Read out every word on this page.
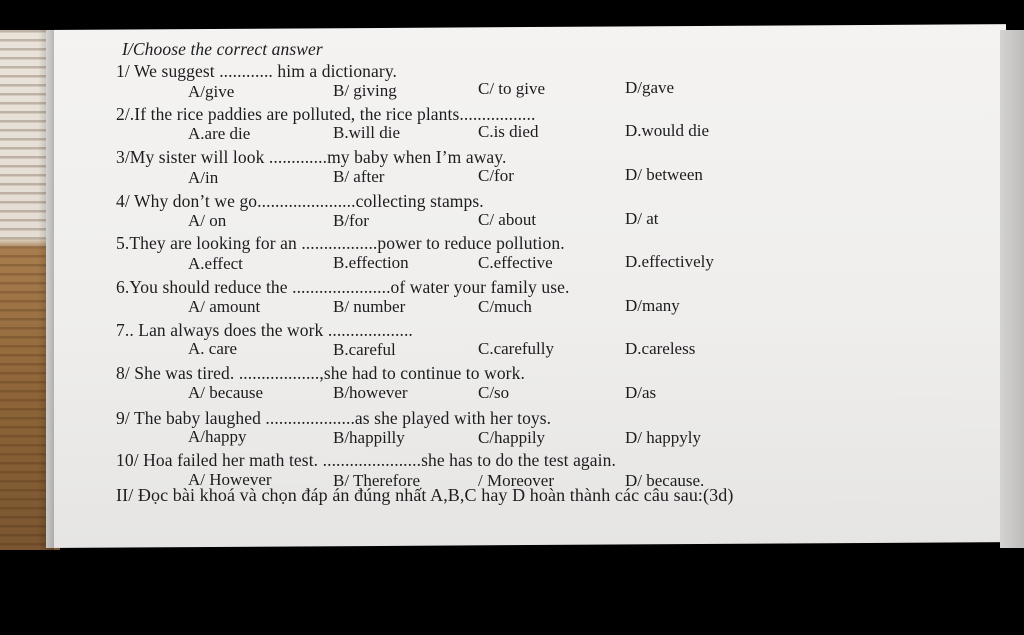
I/Choose the correct answer
1/ We suggest ............ him a dictionary.
A/give	B/ giving	C/ to give	D/gave
2/.If the rice paddies are polluted, the rice plants.................
A.are die	B.will die	C.is died	D.would die
3/My sister will look .............my baby when I’m away.
A/in	B/ after	C/for	D/ between
4/ Why don’t we go......................collecting stamps.
A/ on	B/for	C/ about	D/ at
5.They are looking for an .................power to reduce pollution.
A.effect	B.effection	C.effective	D.effectively
6.You should reduce the ......................of water your family use.
A/ amount	B/ number	C/much	D/many
7.. Lan always does the work ...................
A. care	B.careful	C.carefully	D.careless
8/ She was tired. ..................,she had to continue to work.
A/ because	B/however	C/so	D/as
9/ The baby laughed ....................as she played with her toys.
A/happy	B/happilly	C/happily	D/ happyly
10/ Hoa failed her math test. ......................she has to do the test again.
A/ However	B/ Therefore	/ Moreover	D/ because.
II/ Đọc bài khoá và chọn đáp án đúng nhất A,B,C hay D hoàn thành các câu sau:(3d)
